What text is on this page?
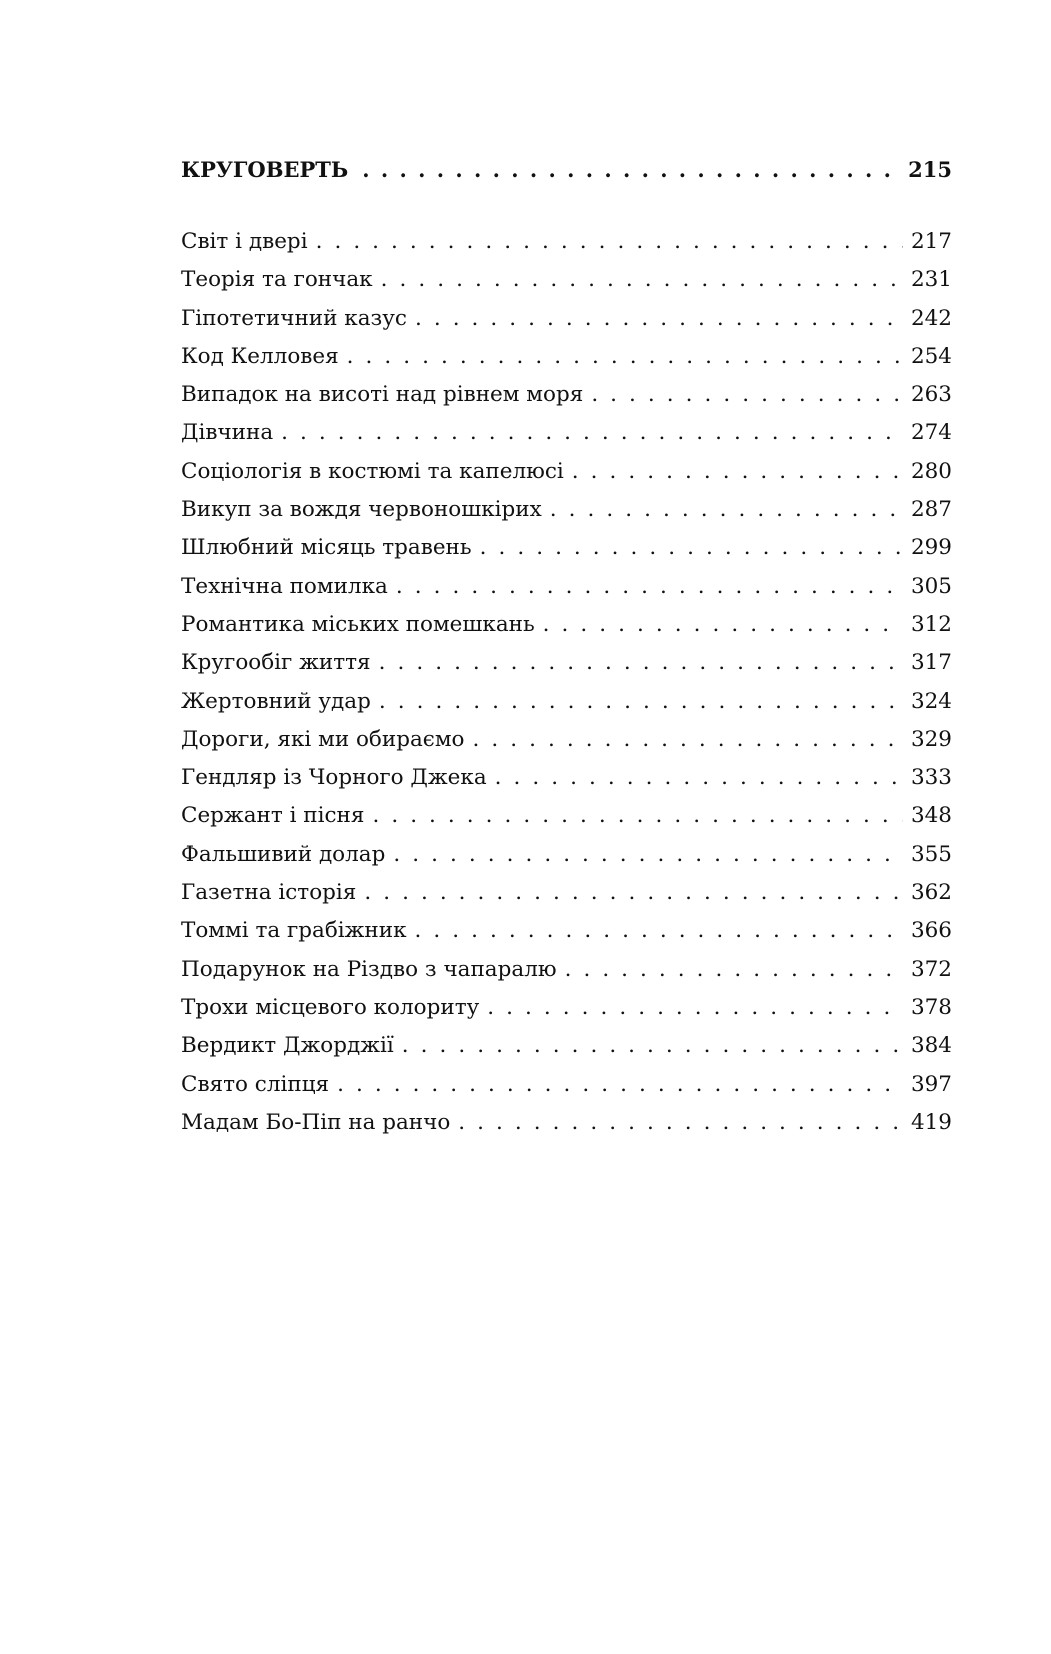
КРУГОВЕРТЬ . . .	215
Світ і двері . . .	217
Теорія та гончак . . .	231
Гіпотетичний казус . . .	242
Код Келловея . . .	254
Випадок на висоті над рівнем моря . . .	263
Дівчина . . .	274
Соціологія в костюмі та капелюсі . . .	280
Викуп за вождя червоношкірих . . .	287
Шлюбний місяць травень . . .	299
Технічна помилка . . .	305
Романтика міських помешкань . . .	312
Кругообіг життя . . .	317
Жертовний удар . . .	324
Дороги, які ми обираємо . . .	329
Гендляр із Чорного Джека . . .	333
Сержант і пісня . . .	348
Фальшивий долар . . .	355
Газетна історія . . .	362
Томмі та грабіжник . . .	366
Подарунок на Різдво з чапаралю . . .	372
Трохи місцевого колориту . . .	378
Вердикт Джорджії . . .	384
Свято сліпця . . .	397
Мадам Бо-Піп на ранчо . . .	419
